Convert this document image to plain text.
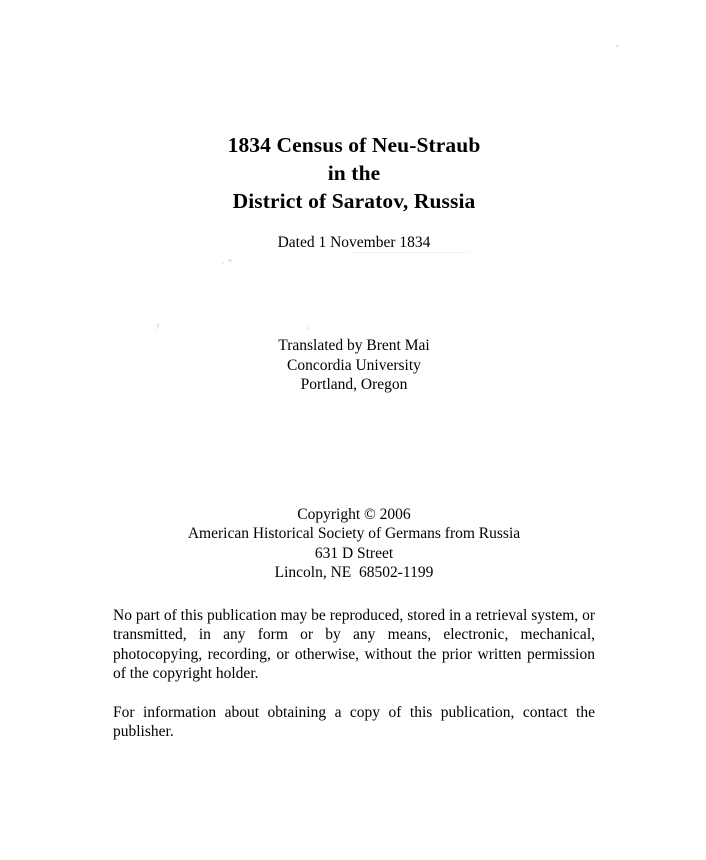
1834 Census of Neu-Straub
in the
District of Saratov, Russia
Dated 1 November 1834
Translated by Brent Mai
Concordia University
Portland, Oregon
Copyright © 2006
American Historical Society of Germans from Russia
631 D Street
Lincoln, NE  68502-1199

No part of this publication may be reproduced, stored in a retrieval system, or transmitted, in any form or by any means, electronic, mechanical, photocopying, recording, or otherwise, without the prior written permission of the copyright holder.

For information about obtaining a copy of this publication, contact the publisher.
